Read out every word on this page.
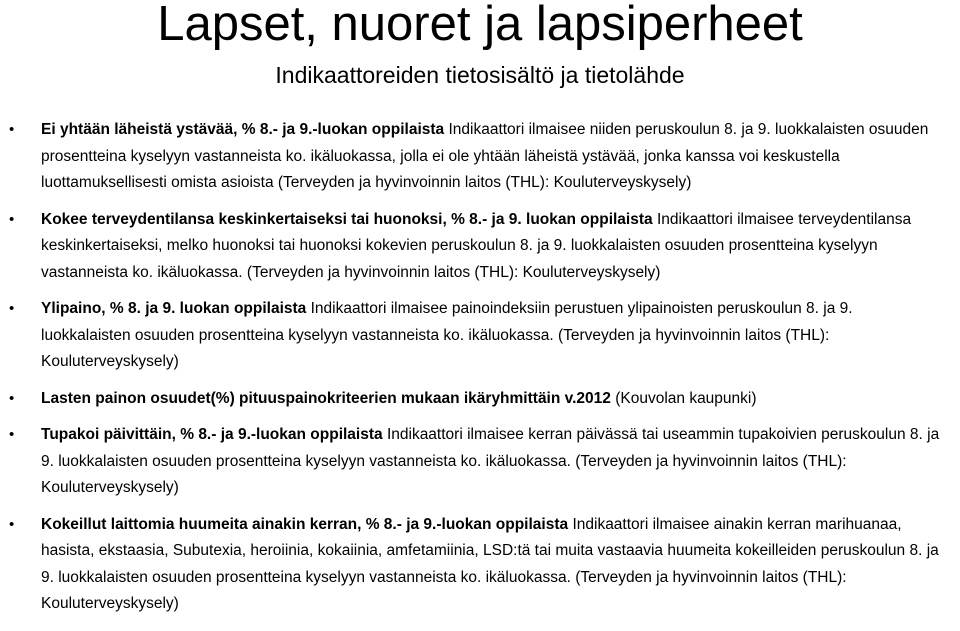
Lapset, nuoret ja lapsiperheet
Indikaattoreiden tietosisältö ja tietolähde
• Ei yhtään läheistä ystävää, % 8.- ja 9.-luokan oppilaista Indikaattori ilmaisee niiden peruskoulun 8. ja 9. luokkalaisten osuuden prosentteina kyselyyn vastanneista ko. ikäluokassa, jolla ei ole yhtään läheistä ystävää, jonka kanssa voi keskustella luottamuksellisesti omista asioista (Terveyden ja hyvinvoinnin laitos (THL): Kouluterveyskysely)
• Kokee terveydentilansa keskinkertaiseksi tai huonoksi, % 8.- ja 9. luokan oppilaista Indikaattori ilmaisee terveydentilansa keskinkertaiseksi, melko huonoksi tai huonoksi kokevien peruskoulun 8. ja 9. luokkalaisten osuuden prosentteina kyselyyn vastanneista ko. ikäluokassa. (Terveyden ja hyvinvoinnin laitos (THL): Kouluterveyskysely)
• Ylipaino, % 8. ja 9. luokan oppilaista Indikaattori ilmaisee painoindeksiin perustuen ylipainoisten peruskoulun 8. ja 9. luokkalaisten osuuden prosentteina kyselyyn vastanneista ko. ikäluokassa. (Terveyden ja hyvinvoinnin laitos (THL): Kouluterveyskysely)
• Lasten painon osuudet(%) pituuspainokriteerien mukaan ikäryhmittäin v.2012 (Kouvolan kaupunki)
• Tupakoi päivittäin, % 8.- ja 9.-luokan oppilaista Indikaattori ilmaisee kerran päivässä tai useammin tupakoivien peruskoulun 8. ja 9. luokkalaisten osuuden prosentteina kyselyyn vastanneista ko. ikäluokassa. (Terveyden ja hyvinvoinnin laitos (THL): Kouluterveyskysely)
• Kokeillut laittomia huumeita ainakin kerran, % 8.- ja 9.-luokan oppilaista Indikaattori ilmaisee ainakin kerran marihuanaa, hasista, ekstaasia, Subutexia, heroiinia, kokaiinia, amfetamiinia, LSD:tä tai muita vastaavia huumeita kokeilleiden peruskoulun 8. ja 9. luokkalaisten osuuden prosentteina kyselyyn vastanneista ko. ikäluokassa. (Terveyden ja hyvinvoinnin laitos (THL): Kouluterveyskysely)
